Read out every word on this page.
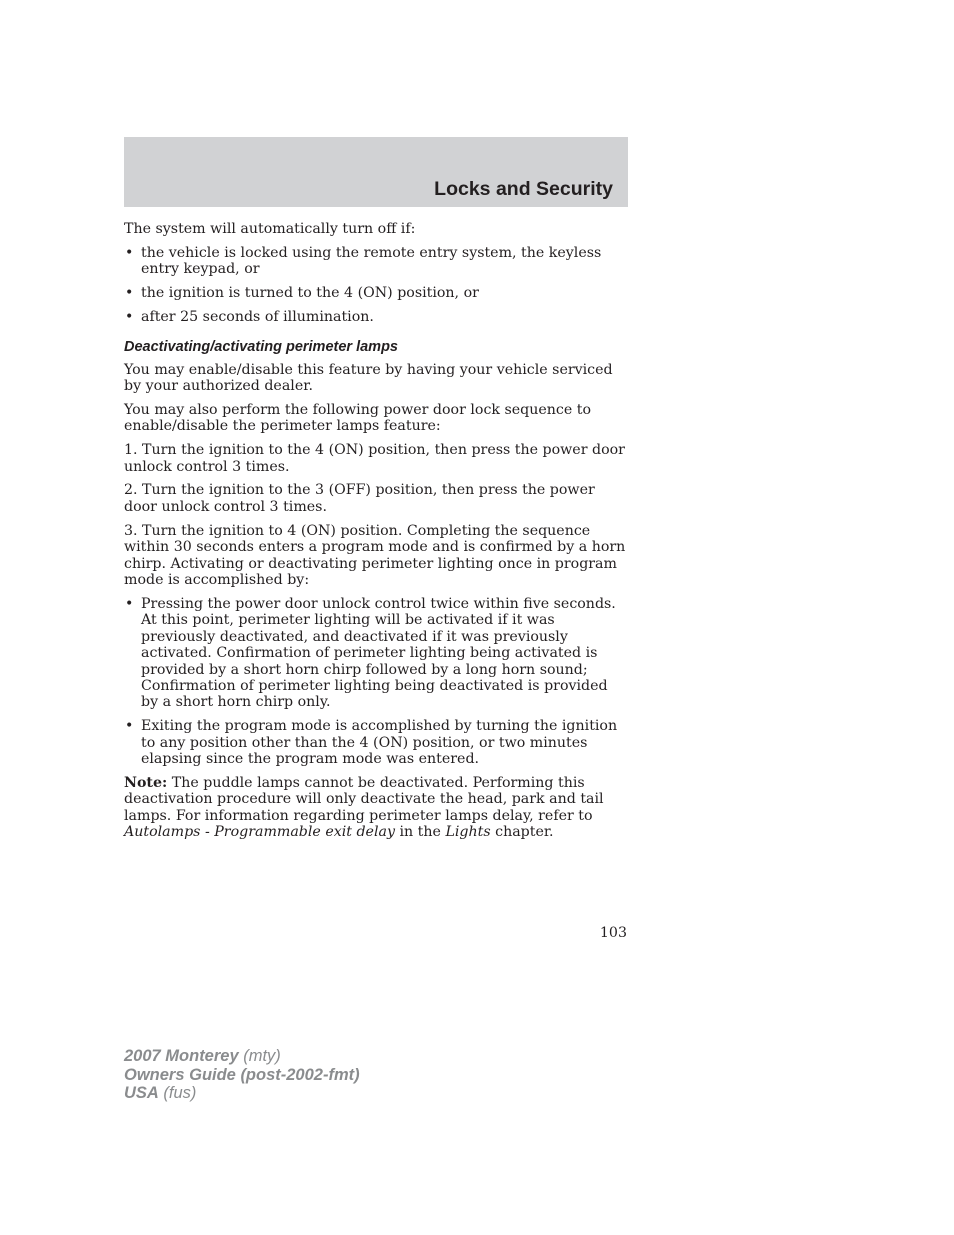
Locks and Security

The system will automatically turn off if:

• the vehicle is locked using the remote entry system, the keyless entry keypad, or
• the ignition is turned to the 4 (ON) position, or
• after 25 seconds of illumination.
Deactivating/activating perimeter lamps

You may enable/disable this feature by having your vehicle serviced by your authorized dealer.

You may also perform the following power door lock sequence to enable/disable the perimeter lamps feature:

1. Turn the ignition to the 4 (ON) position, then press the power door unlock control 3 times.

2. Turn the ignition to the 3 (OFF) position, then press the power door unlock control 3 times.

3. Turn the ignition to 4 (ON) position. Completing the sequence within 30 seconds enters a program mode and is confirmed by a horn chirp. Activating or deactivating perimeter lighting once in program mode is accomplished by:

• Pressing the power door unlock control twice within five seconds. At this point, perimeter lighting will be activated if it was previously deactivated, and deactivated if it was previously activated. Confirmation of perimeter lighting being activated is provided by a short horn chirp followed by a long horn sound; Confirmation of perimeter lighting being deactivated is provided by a short horn chirp only.
• Exiting the program mode is accomplished by turning the ignition to any position other than the 4 (ON) position, or two minutes elapsing since the program mode was entered.

Note: The puddle lamps cannot be deactivated. Performing this deactivation procedure will only deactivate the head, park and tail lamps. For information regarding perimeter lamps delay, refer to Autolamps - Programmable exit delay in the Lights chapter.

103
2007 Monterey (mty)
Owners Guide (post-2002-fmt)
USA (fus)
